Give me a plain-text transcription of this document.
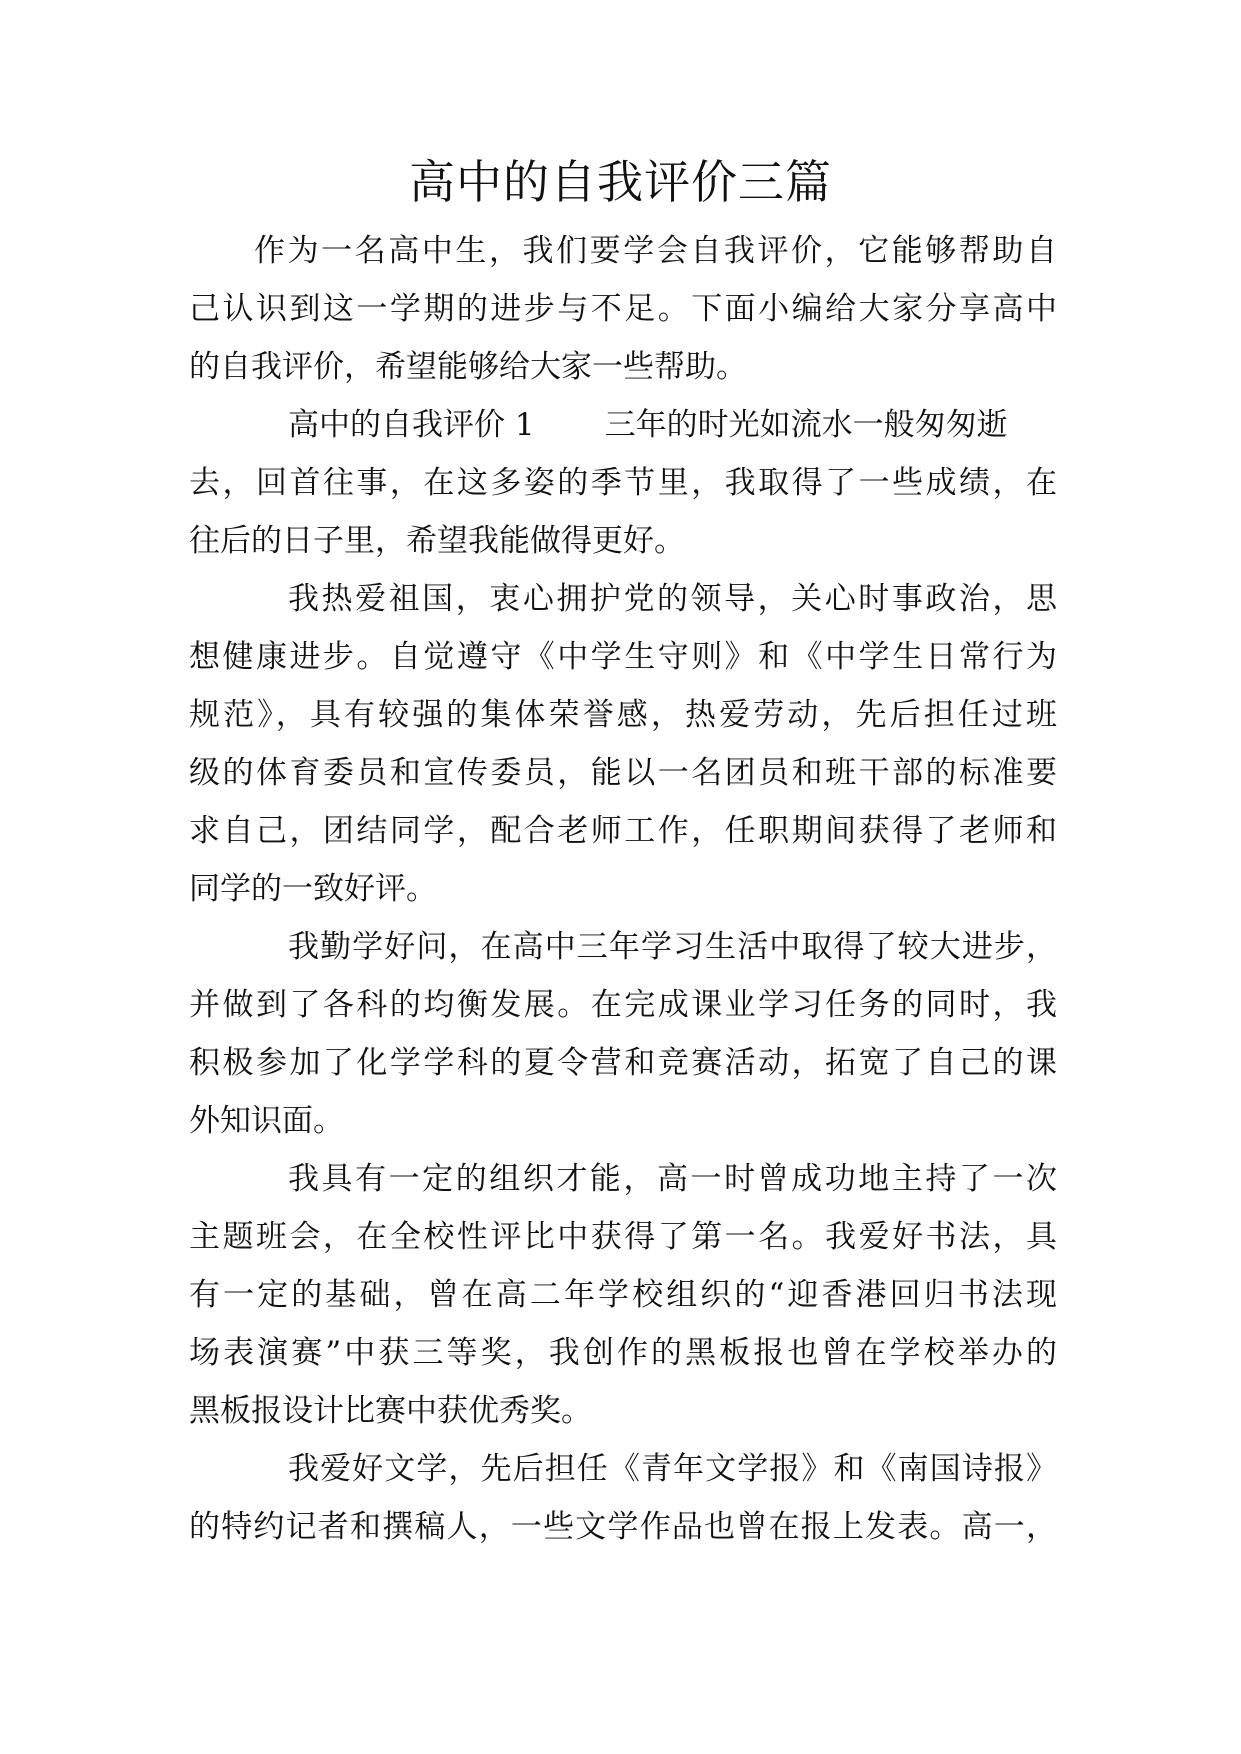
高中的自我评价三篇
作为一名高中生，我们要学会自我评价，它能够帮助自
己认识到这一学期的进步与不足。下面小编给大家分享高中
的自我评价，希望能够给大家一些帮助。
高中的自我评价 1 三年的时光如流水一般匆匆逝
去，回首往事，在这多姿的季节里，我取得了一些成绩，在
往后的日子里，希望我能做得更好。
我热爱祖国，衷心拥护党的领导，关心时事政治，思
想健康进步。自觉遵守《中学生守则》和《中学生日常行为
规范》，具有较强的集体荣誉感，热爱劳动，先后担任过班
级的体育委员和宣传委员，能以一名团员和班干部的标准要
求自己，团结同学，配合老师工作，任职期间获得了老师和
同学的一致好评。
我勤学好问，在高中三年学习生活中取得了较大进步，
并做到了各科的均衡发展。在完成课业学习任务的同时，我
积极参加了化学学科的夏令营和竞赛活动，拓宽了自己的课
外知识面。
我具有一定的组织才能，高一时曾成功地主持了一次
主题班会，在全校性评比中获得了第一名。我爱好书法，具
有一定的基础，曾在高二年学校组织的“迎香港回归书法现
场表演赛”中获三等奖，我创作的黑板报也曾在学校举办的
黑板报设计比赛中获优秀奖。
我爱好文学，先后担任《青年文学报》和《南国诗报》
的特约记者和撰稿人，一些文学作品也曾在报上发表。高一，
